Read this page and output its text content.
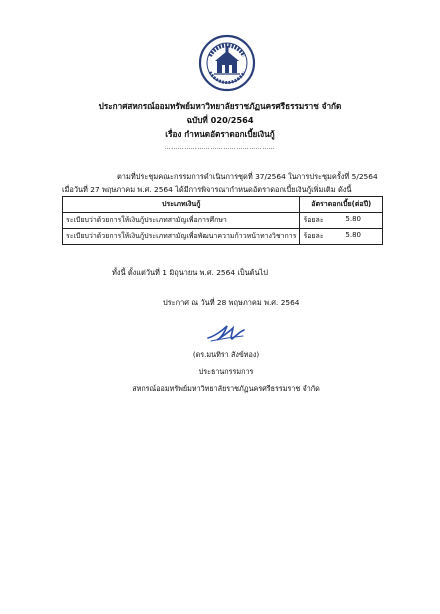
ประกาศสหกรณ์ออมทรัพย์มหาวิทยาลัยราชภัฏนครศรีธรรมราช จำกัด
ฉบับที่ 020/2564
เรื่อง กำหนดอัตราดอกเบี้ยเงินกู้
……………………………………………
ตามที่ประชุมคณะกรรมการดำเนินการชุดที่ 37/2564 ในการประชุมครั้งที่ 5/2564
เมื่อวันที่ 27 พฤษภาคม พ.ศ. 2564 ได้มีการพิจารณากำหนดอัตราดอกเบี้ยเงินกู้เพิ่มเติม ดังนี้
ประเภทเงินกู้	อัตราดอกเบี้ย(ต่อปี)
ระเบียบว่าด้วยการให้เงินกู้ประเภทสามัญเพื่อการศึกษา	ร้อยละ 5.80

ระเบียบว่าด้วยการให้เงินกู้ประเภทสามัญเพื่อพัฒนาความก้าวหน้าทางวิชาการ	ร้อยละ 5.80
ทั้งนี้ ตั้งแต่วันที่ 1 มิถุนายน พ.ศ. 2564 เป็นต้นไป
ประกาศ ณ วันที่ 28 พฤษภาคม พ.ศ. 2564
(ดร.มนทิรา สังข์ทอง)
ประธานกรรมการ
สหกรณ์ออมทรัพย์มหาวิทยาลัยราชภัฏนครศรีธรรมราช จำกัด
